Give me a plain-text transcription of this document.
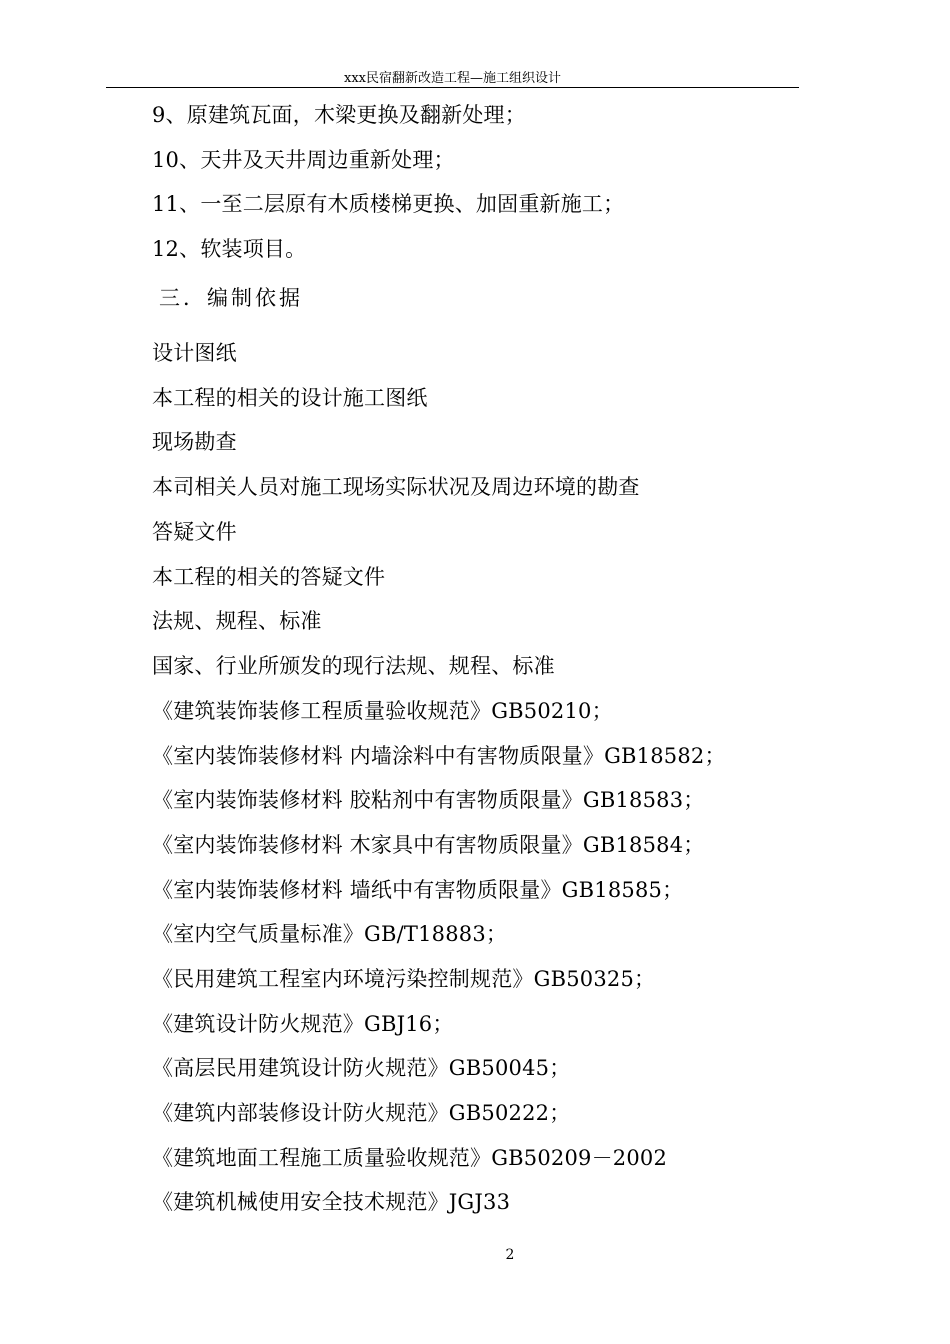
xxx民宿翻新改造工程—施工组织设计
9、原建筑瓦面，木梁更换及翻新处理；
10、天井及天井周边重新处理；
11、一至二层原有木质楼梯更换、加固重新施工；
12、软装项目。
三．编制依据
设计图纸
本工程的相关的设计施工图纸
现场勘查
本司相关人员对施工现场实际状况及周边环境的勘查
答疑文件
本工程的相关的答疑文件
法规、规程、标准
国家、行业所颁发的现行法规、规程、标准
《建筑装饰装修工程质量验收规范》GB50210；
《室内装饰装修材料 内墙涂料中有害物质限量》GB18582；
《室内装饰装修材料 胶粘剂中有害物质限量》GB18583；
《室内装饰装修材料 木家具中有害物质限量》GB18584；
《室内装饰装修材料 墙纸中有害物质限量》GB18585；
《室内空气质量标准》GB/T18883；
《民用建筑工程室内环境污染控制规范》GB50325；
《建筑设计防火规范》GBJ16；
《高层民用建筑设计防火规范》GB50045；
《建筑内部装修设计防火规范》GB50222；
《建筑地面工程施工质量验收规范》GB50209－2002
《建筑机械使用安全技术规范》JGJ33
2
